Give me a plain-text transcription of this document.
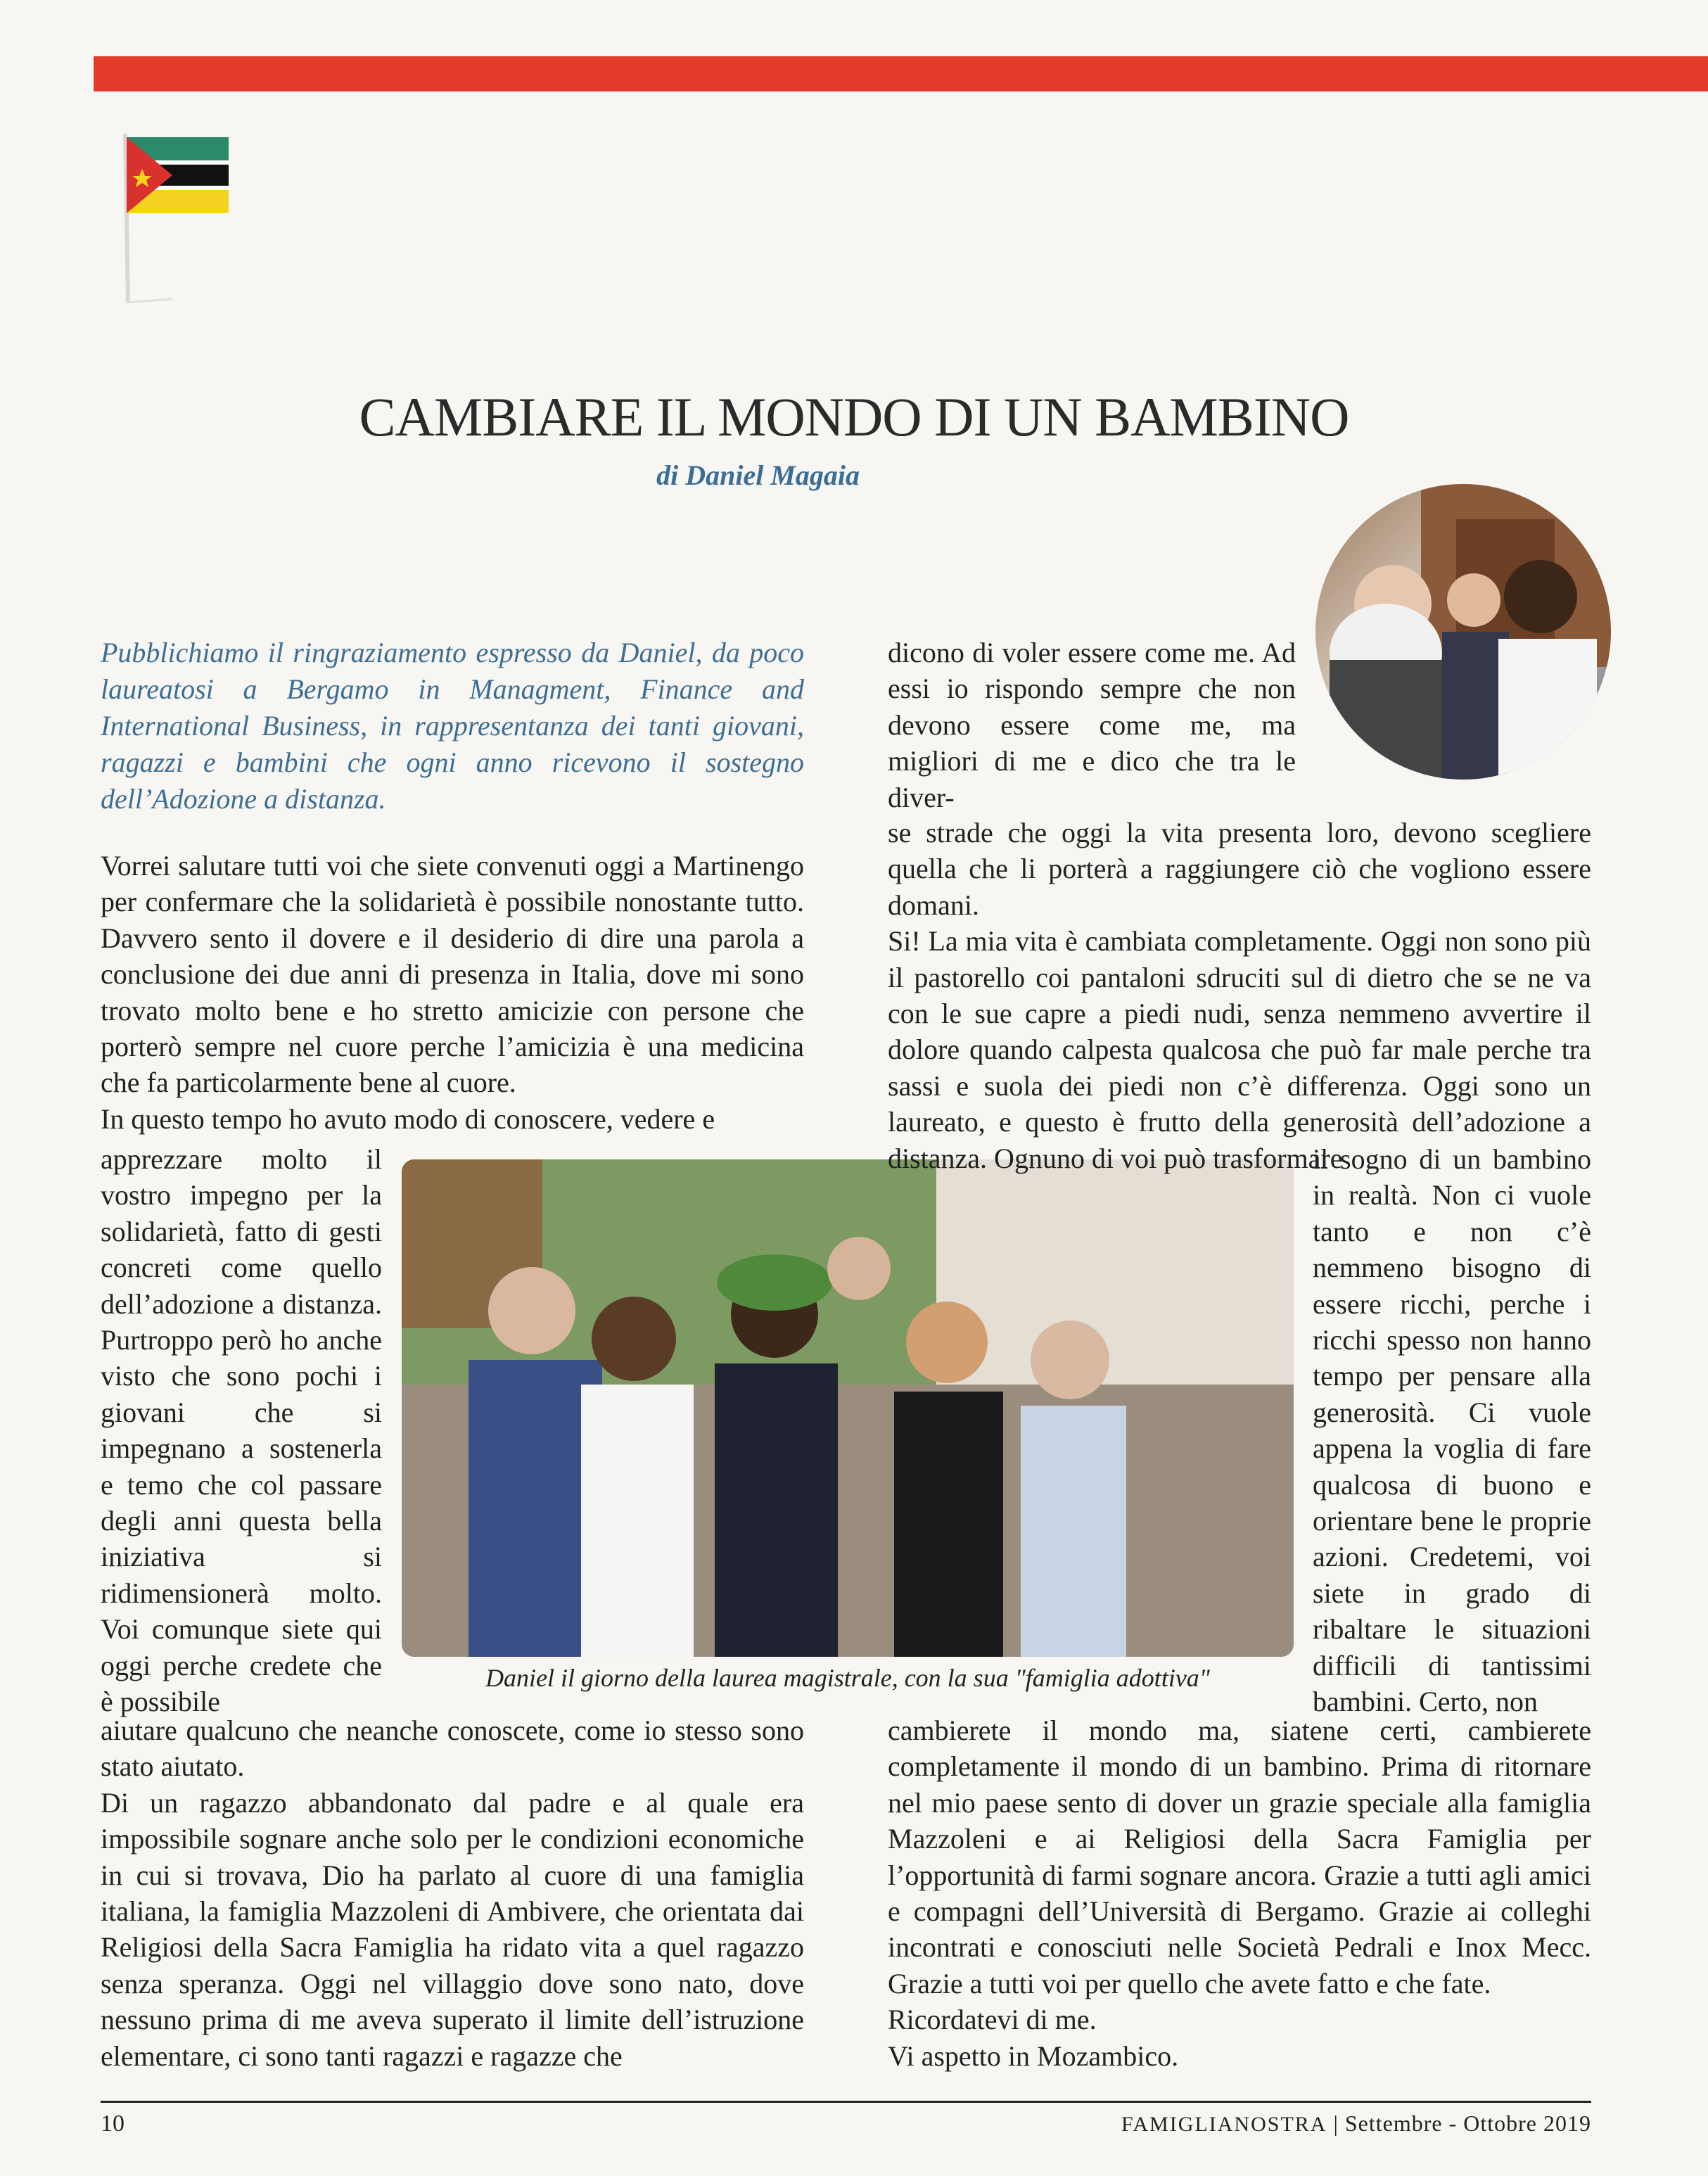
CAMBIARE IL MONDO DI UN BAMBINO
di Daniel Magaia
Pubblichiamo il ringraziamento espresso da Daniel, da poco laureatosi a Bergamo in Managment, Finance and International Business, in rappresentanza dei tanti giovani, ragazzi e bambini che ogni anno ricevono il sostegno dell’Adozione a distanza.

Vorrei salutare tutti voi che siete convenuti oggi a Martinengo per confermare che la solidarietà è possibile nonostante tutto. Davvero sento il dovere e il desiderio di dire una parola a conclusione dei due anni di presenza in Italia, dove mi sono trovato molto bene e ho stretto amicizie con persone che porterò sempre nel cuore perche l’amicizia è una medicina che fa particolarmente bene al cuore.

In questo tempo ho avuto modo di conoscere, vedere e

apprezzare molto il vostro impegno per la solidarietà, fatto di gesti concreti come quello dell’adozione a distanza. Purtroppo però ho anche visto che sono pochi i giovani che si impegnano a sostenerla e temo che col passare degli anni questa bella iniziativa si ridimensionerà molto. Voi comunque siete qui oggi perche credete che è possibile

Daniel il giorno della laurea magistrale, con la sua "famiglia adottiva"

aiutare qualcuno che neanche conoscete, come io stesso sono stato aiutato.

Di un ragazzo abbandonato dal padre e al quale era impossibile sognare anche solo per le condizioni economiche in cui si trovava, Dio ha parlato al cuore di una famiglia italiana, la famiglia Mazzoleni di Ambivere, che orientata dai Religiosi della Sacra Famiglia ha ridato vita a quel ragazzo senza speranza. Oggi nel villaggio dove sono nato, dove nessuno prima di me aveva superato il limite dell’istruzione elementare, ci sono tanti ragazzi e ragazze che

dicono di voler essere come me. Ad essi io rispondo sempre che non devono essere come me, ma migliori di me e dico che tra le diver-

se strade che oggi la vita presenta loro, devono scegliere quella che li porterà a raggiungere ciò che vogliono essere domani.

Si! La mia vita è cambiata completamente. Oggi non sono più il pastorello coi pantaloni sdruciti sul di dietro che se ne va con le sue capre a piedi nudi, senza nemmeno avvertire il dolore quando calpesta qualcosa che può far male perche tra sassi e suola dei piedi non c’è differenza. Oggi sono un laureato, e questo è frutto della generosità dell’adozione a distanza. Ognuno di voi può trasformare

il sogno di un bambino in realtà. Non ci vuole tanto e non c’è nemmeno bisogno di essere ricchi, perche i ricchi spesso non hanno tempo per pensare alla generosità. Ci vuole appena la voglia di fare qualcosa di buono e orientare bene le proprie azioni. Credetemi, voi siete in grado di ribaltare le situazioni difficili di tantissimi bambini. Certo, non

cambierete il mondo ma, siatene certi, cambierete completamente il mondo di un bambino. Prima di ritornare nel mio paese sento di dover un grazie speciale alla famiglia Mazzoleni e ai Religiosi della Sacra Famiglia per l’opportunità di farmi sognare ancora. Grazie a tutti agli amici e compagni dell’Università di Bergamo. Grazie ai colleghi incontrati e conosciuti nelle Società Pedrali e Inox Mecc. Grazie a tutti voi per quello che avete fatto e che fate.

Ricordatevi di me.

Vi aspetto in Mozambico.

10	FAMIGLIANOSTRA | Settembre - Ottobre 2019
